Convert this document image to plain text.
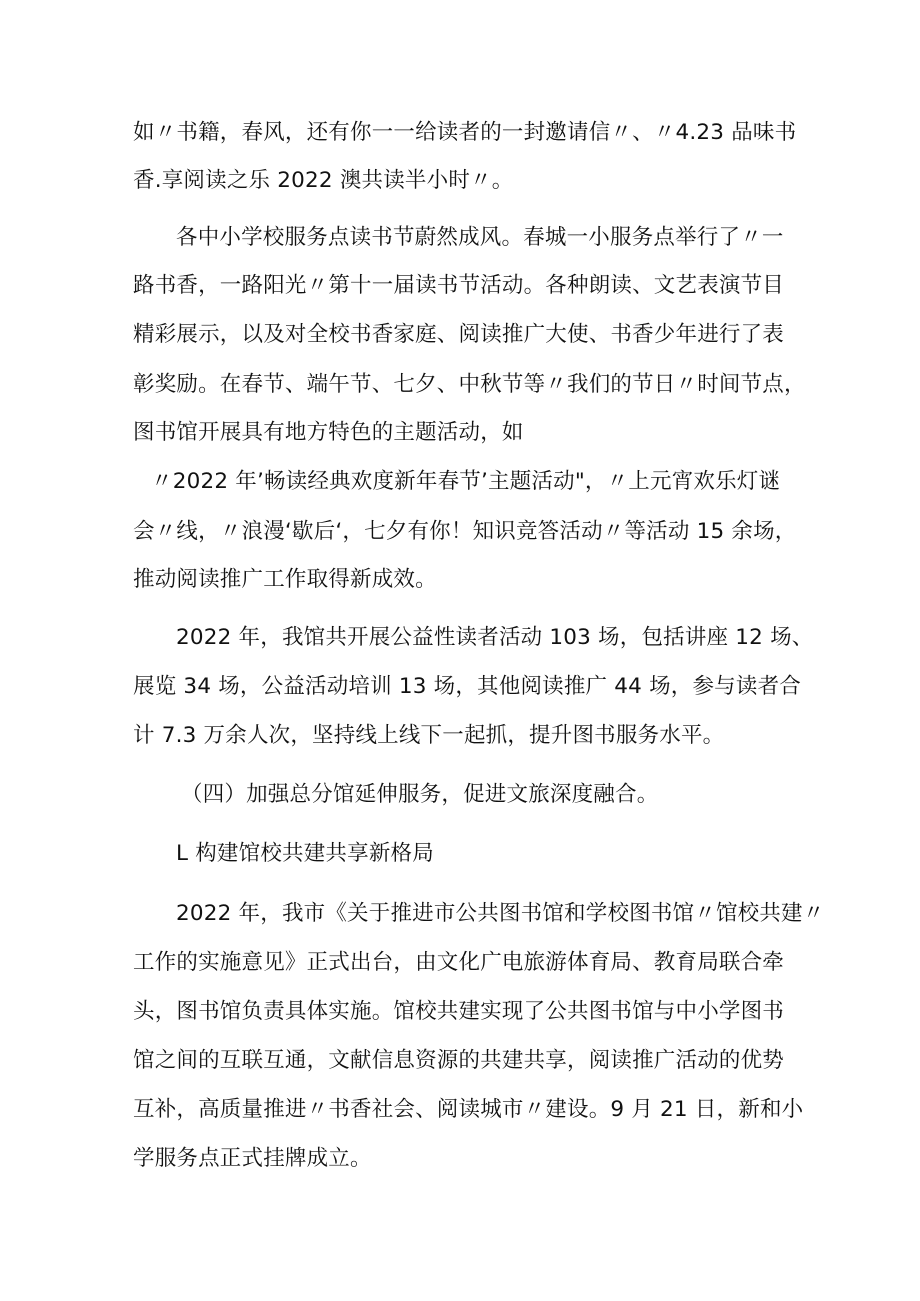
如〃书籍，春风，还有你一一给读者的一封邀请信〃、〃4.23 品味书
香.享阅读之乐 2022 澳共读半小时〃。
各中小学校服务点读书节蔚然成风。春城一小服务点举行了〃一
路书香，一路阳光〃第十一届读书节活动。各种朗读、文艺表演节目
精彩展示，以及对全校书香家庭、阅读推广大使、书香少年进行了表
彰奖励。在春节、端午节、七夕、中秋节等〃我们的节日〃时间节点，
图书馆开展具有地方特色的主题活动，如
〃2022 年’畅读经典欢度新年春节’主题活动"，〃上元宵欢乐灯谜
会〃线，〃浪漫‘歇后‘，七夕有你！知识竞答活动〃等活动 15 余场，
推动阅读推广工作取得新成效。
2022 年，我馆共开展公益性读者活动 103 场，包括讲座 12 场、
展览 34 场，公益活动培训 13 场，其他阅读推广 44 场，参与读者合
计 7.3 万余人次，坚持线上线下一起抓，提升图书服务水平。
（四）加强总分馆延伸服务，促进文旅深度融合。
L 构建馆校共建共享新格局
2022 年，我市《关于推进市公共图书馆和学校图书馆〃馆校共建〃
工作的实施意见》正式出台，由文化广电旅游体育局、教育局联合牵
头，图书馆负责具体实施。馆校共建实现了公共图书馆与中小学图书
馆之间的互联互通，文献信息资源的共建共享，阅读推广活动的优势
互补，高质量推进〃书香社会、阅读城市〃建设。9 月 21 日，新和小
学服务点正式挂牌成立。
